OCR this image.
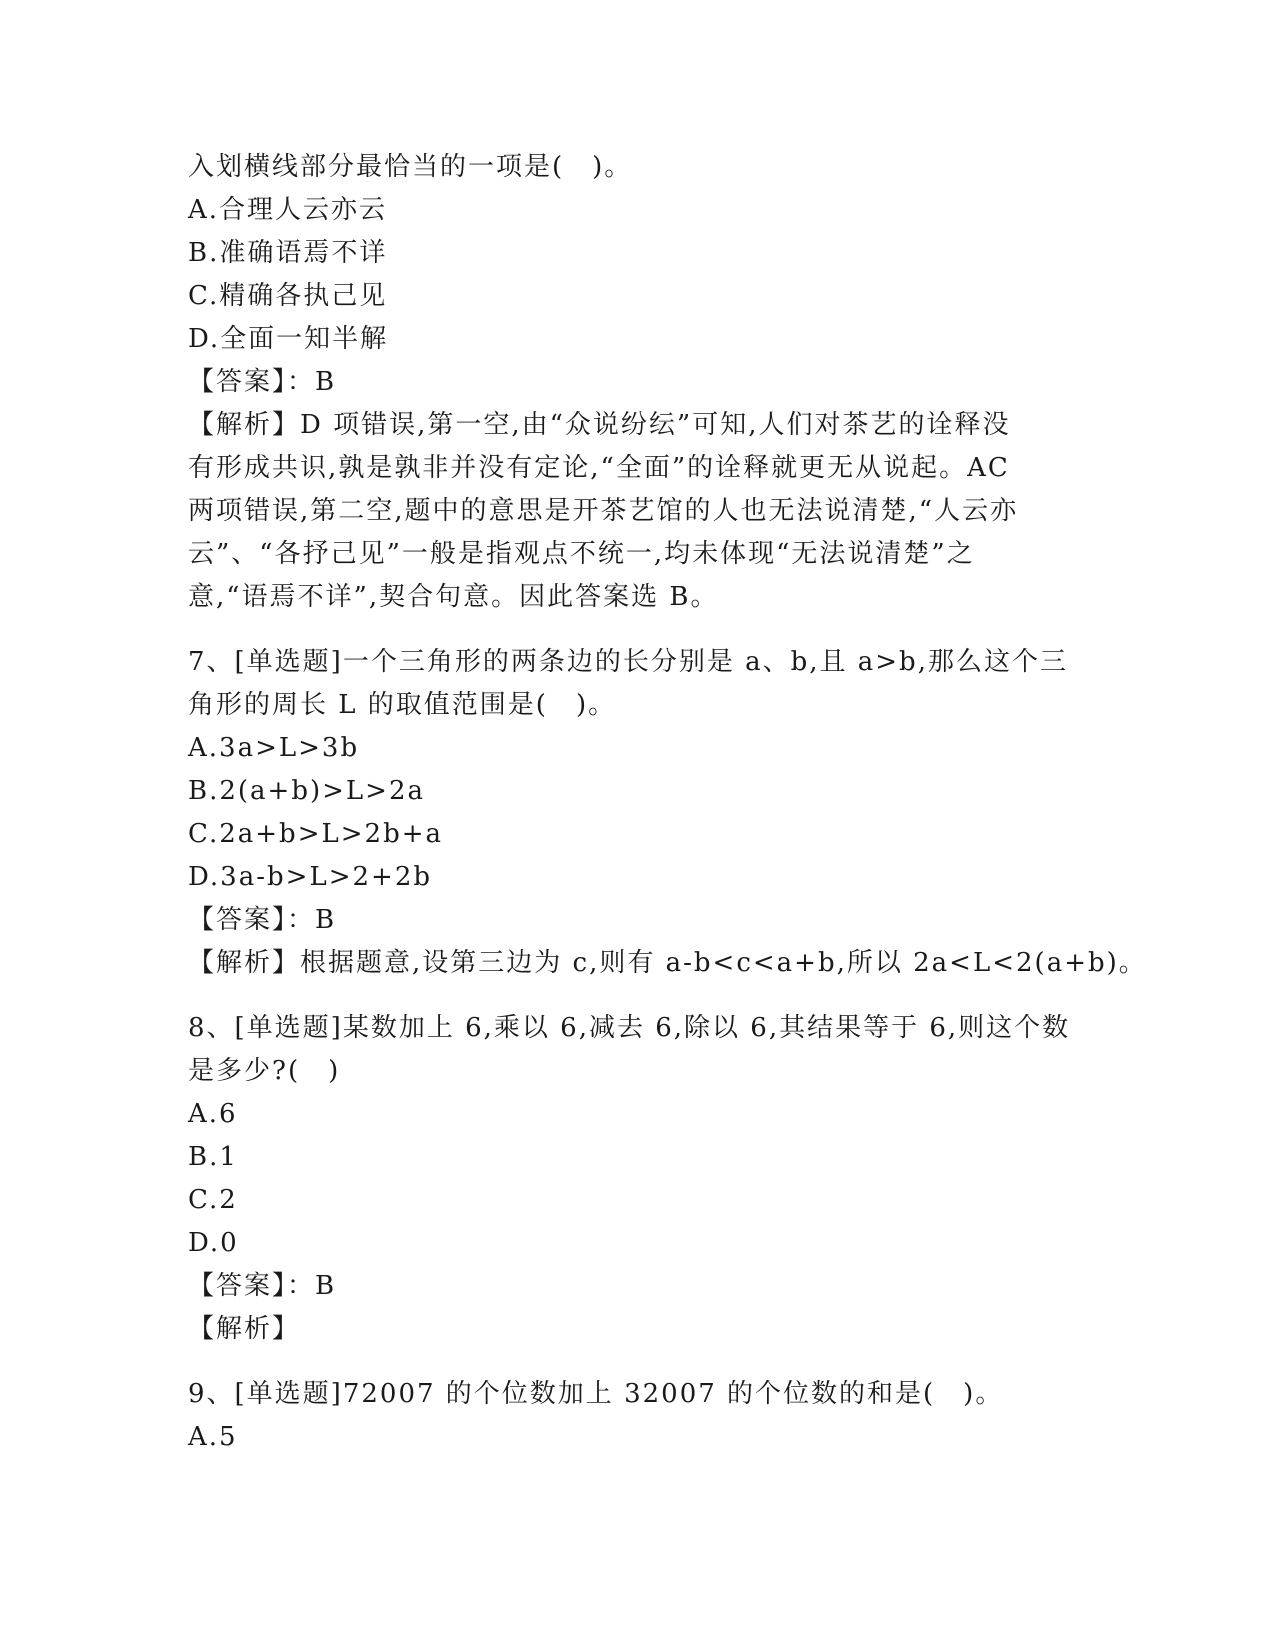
入划横线部分最恰当的一项是(　)。
A.合理人云亦云
B.准确语焉不详
C.精确各执己见
D.全面一知半解
【答案】：B
【解析】D 项错误,第一空,由“众说纷纭”可知,人们对茶艺的诠释没
有形成共识,孰是孰非并没有定论,“全面”的诠释就更无从说起。AC
两项错误,第二空,题中的意思是开茶艺馆的人也无法说清楚,“人云亦
云”、“各抒己见”一般是指观点不统一,均未体现“无法说清楚”之
意,“语焉不详”,契合句意。因此答案选 B。
7、[单选题]一个三角形的两条边的长分别是 a、b,且 a>b,那么这个三
角形的周长 L 的取值范围是(　)。
A.3a>L>3b
B.2(a+b)>L>2a
C.2a+b>L>2b+a
D.3a-b>L>2+2b
【答案】：B
【解析】根据题意,设第三边为 c,则有 a-b<c<a+b,所以 2a<L<2(a+b)。
8、[单选题]某数加上 6,乘以 6,减去 6,除以 6,其结果等于 6,则这个数
是多少?(　)
A.6
B.1
C.2
D.0
【答案】：B
【解析】
9、[单选题]72007 的个位数加上 32007 的个位数的和是(　)。
A.5
